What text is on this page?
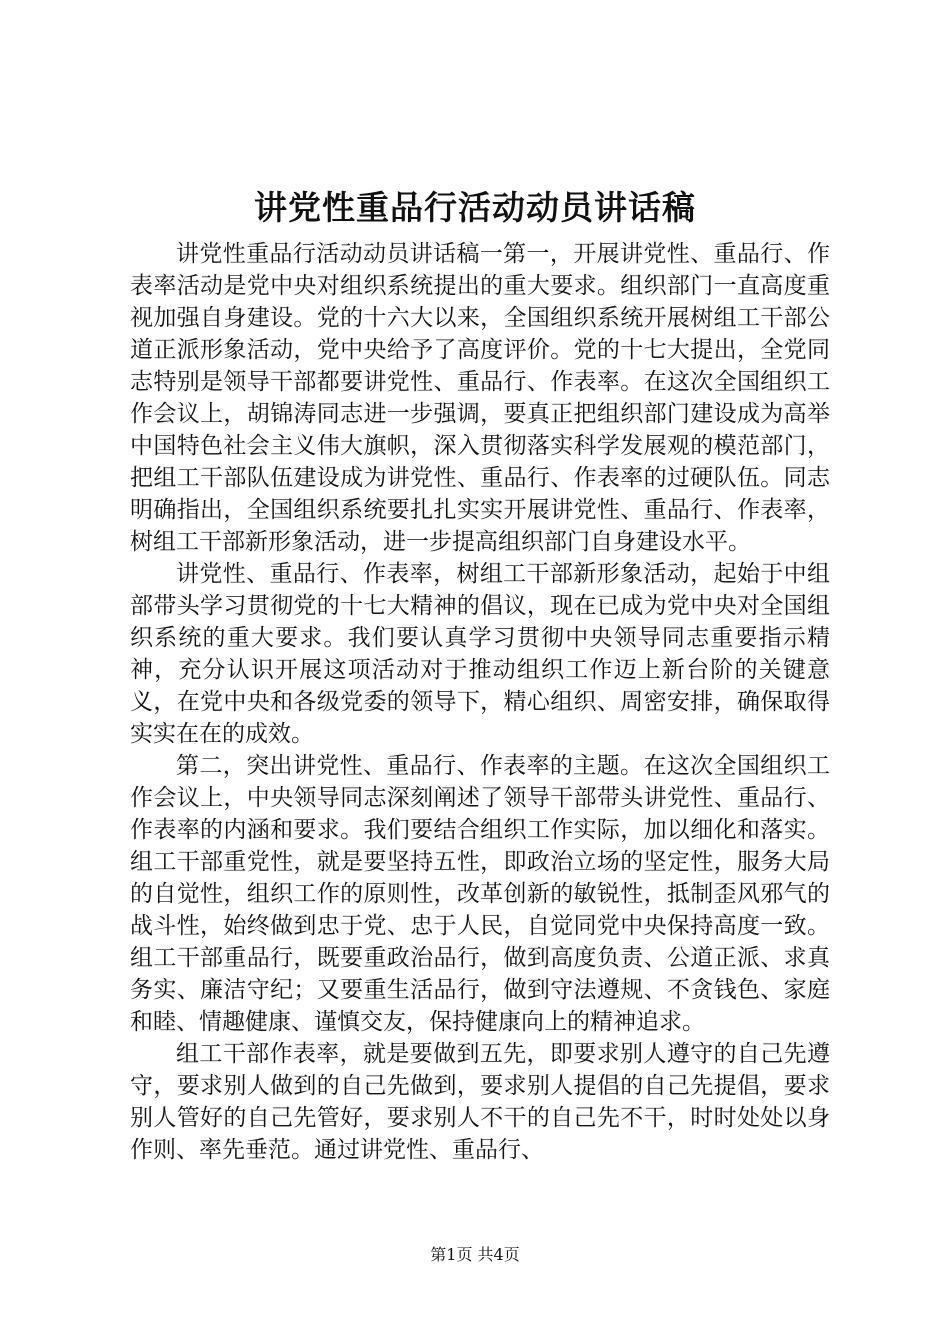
讲党性重品行活动动员讲话稿

讲党性重品行活动动员讲话稿一第一，开展讲党性、重品行、作表率活动是党中央对组织系统提出的重大要求。组织部门一直高度重视加强自身建设。党的十六大以来，全国组织系统开展树组工干部公道正派形象活动，党中央给予了高度评价。党的十七大提出，全党同志特别是领导干部都要讲党性、重品行、作表率。在这次全国组织工作会议上，胡锦涛同志进一步强调，要真正把组织部门建设成为高举中国特色社会主义伟大旗帜，深入贯彻落实科学发展观的模范部门，把组工干部队伍建设成为讲党性、重品行、作表率的过硬队伍。同志明确指出，全国组织系统要扎扎实实开展讲党性、重品行、作表率，树组工干部新形象活动，进一步提高组织部门自身建设水平。

讲党性、重品行、作表率，树组工干部新形象活动，起始于中组部带头学习贯彻党的十七大精神的倡议，现在已成为党中央对全国组织系统的重大要求。我们要认真学习贯彻中央领导同志重要指示精神，充分认识开展这项活动对于推动组织工作迈上新台阶的关键意义，在党中央和各级党委的领导下，精心组织、周密安排，确保取得实实在在的成效。

第二，突出讲党性、重品行、作表率的主题。在这次全国组织工作会议上，中央领导同志深刻阐述了领导干部带头讲党性、重品行、作表率的内涵和要求。我们要结合组织工作实际，加以细化和落实。组工干部重党性，就是要坚持五性，即政治立场的坚定性，服务大局的自觉性，组织工作的原则性，改革创新的敏锐性，抵制歪风邪气的战斗性，始终做到忠于党、忠于人民，自觉同党中央保持高度一致。组工干部重品行，既要重政治品行，做到高度负责、公道正派、求真务实、廉洁守纪；又要重生活品行，做到守法遵规、不贪钱色、家庭和睦、情趣健康、谨慎交友，保持健康向上的精神追求。

组工干部作表率，就是要做到五先，即要求别人遵守的自己先遵守，要求别人做到的自己先做到，要求别人提倡的自己先提倡，要求别人管好的自己先管好，要求别人不干的自己先不干，时时处处以身作则、率先垂范。通过讲党性、重品行、

第1页 共4页
